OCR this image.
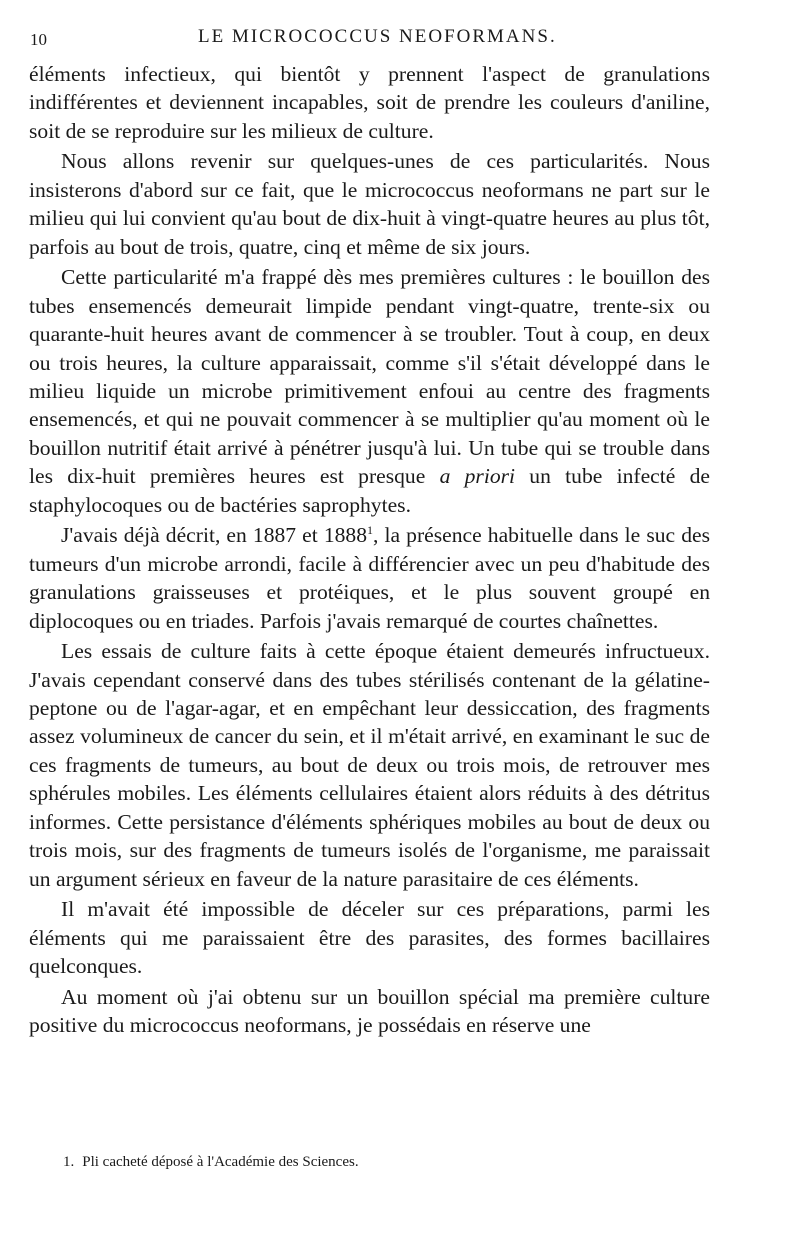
10	LE MICROCOCCUS NEOFORMANS.

éléments infectieux, qui bientôt y prennent l'aspect de granulations indifférentes et deviennent incapables, soit de prendre les couleurs d'aniline, soit de se reproduire sur les milieux de culture.

Nous allons revenir sur quelques-unes de ces particularités. Nous insisterons d'abord sur ce fait, que le micrococcus neoformans ne part sur le milieu qui lui convient qu'au bout de dix-huit à vingt-quatre heures au plus tôt, parfois au bout de trois, quatre, cinq et même de six jours.

Cette particularité m'a frappé dès mes premières cultures : le bouillon des tubes ensemencés demeurait limpide pendant vingt-quatre, trente-six ou quarante-huit heures avant de commencer à se troubler. Tout à coup, en deux ou trois heures, la culture apparaissait, comme s'il s'était développé dans le milieu liquide un microbe primitivement enfoui au centre des fragments ensemencés, et qui ne pouvait commencer à se multiplier qu'au moment où le bouillon nutritif était arrivé à pénétrer jusqu'à lui. Un tube qui se trouble dans les dix-huit premières heures est presque a priori un tube infecté de staphylocoques ou de bactéries saprophytes.

J'avais déjà décrit, en 1887 et 1888$^1$, la présence habituelle dans le suc des tumeurs d'un microbe arrondi, facile à différencier avec un peu d'habitude des granulations graisseuses et protéiques, et le plus souvent groupé en diplocoques ou en triades. Parfois j'avais remarqué de courtes chaînettes.

Les essais de culture faits à cette époque étaient demeurés infructueux. J'avais cependant conservé dans des tubes stérilisés contenant de la gélatine-peptone ou de l'agar-agar, et en empêchant leur dessiccation, des fragments assez volumineux de cancer du sein, et il m'était arrivé, en examinant le suc de ces fragments de tumeurs, au bout de deux ou trois mois, de retrouver mes sphérules mobiles. Les éléments cellulaires étaient alors réduits à des détritus informes. Cette persistance d'éléments sphériques mobiles au bout de deux ou trois mois, sur des fragments de tumeurs isolés de l'organisme, me paraissait un argument sérieux en faveur de la nature parasitaire de ces éléments.

Il m'avait été impossible de déceler sur ces préparations, parmi les éléments qui me paraissaient être des parasites, des formes bacillaires quelconques.

Au moment où j'ai obtenu sur un bouillon spécial ma première culture positive du micrococcus neoformans, je possédais en réserve une

1. Pli cacheté déposé à l'Académie des Sciences.
